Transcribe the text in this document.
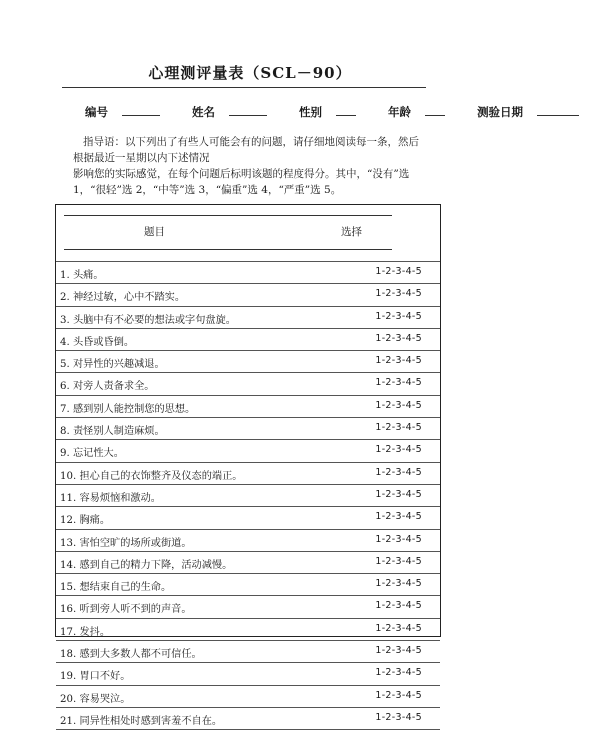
心理测评量表（SCL－90）
编号	姓名	性别	年龄	测验日期

指导语：以下列出了有些人可能会有的问题，请仔细地阅读每一条，然后

根据最近一星期以内下述情况

影响您的实际感觉，在每个问题后标明该题的程度得分。其中，“没有”选

1，“很轻”选 2，“中等”选 3，“偏重”选 4，“严重”选 5。

题目	选择
1. 头痛。	1-2-3-4-5
2. 神经过敏，心中不踏实。	1-2-3-4-5
3. 头脑中有不必要的想法或字句盘旋。	1-2-3-4-5
4. 头昏或昏倒。	1-2-3-4-5
5. 对异性的兴趣减退。	1-2-3-4-5
6. 对旁人责备求全。	1-2-3-4-5
7. 感到别人能控制您的思想。	1-2-3-4-5
8. 责怪别人制造麻烦。	1-2-3-4-5
9. 忘记性大。	1-2-3-4-5
10. 担心自己的衣饰整齐及仪态的端正。	1-2-3-4-5
11. 容易烦恼和激动。	1-2-3-4-5
12. 胸痛。	1-2-3-4-5
13. 害怕空旷的场所或街道。	1-2-3-4-5
14. 感到自己的精力下降，活动减慢。	1-2-3-4-5
15. 想结束自己的生命。	1-2-3-4-5
16. 听到旁人听不到的声音。	1-2-3-4-5
17. 发抖。	1-2-3-4-5
18. 感到大多数人都不可信任。	1-2-3-4-5
19. 胃口不好。	1-2-3-4-5
20. 容易哭泣。	1-2-3-4-5
21. 同异性相处时感到害羞不自在。	1-2-3-4-5
